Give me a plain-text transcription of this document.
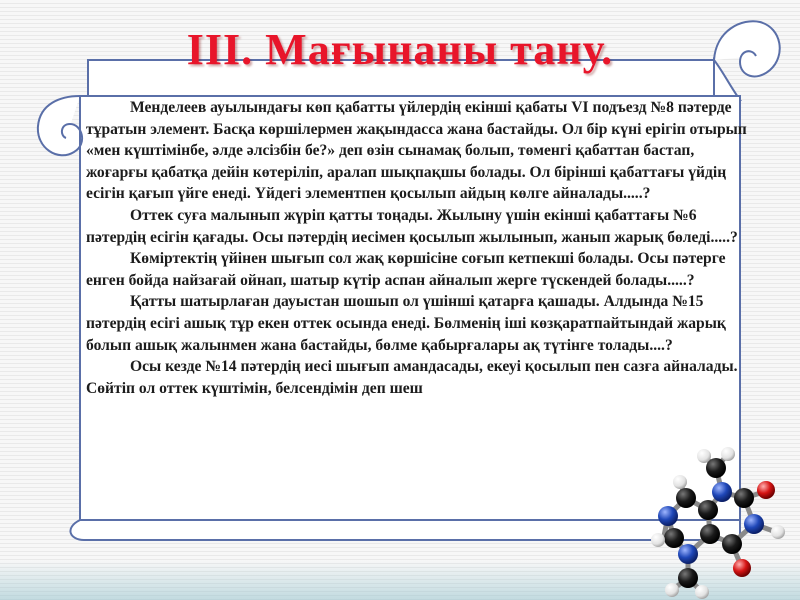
III. Мағынаны тану.

Менделеев ауылындағы көп қабатты үйлердің екінші қабаты VI подъезд №8 пәтерде тұратын элемент. Басқа көршілермен жақындасса жана бастайды. Ол бір күні ерігіп отырып «мен күштімінбе, әлде әлсізбін бе?» деп өзін сынамақ болып, төменгі қабаттан бастап, жоғарғы қабатқа дейін көтеріліп, аралап шықпақшы болады. Ол бірінші қабаттағы үйдің есігін қағып үйге енеді. Үйдегі элементпен қосылып айдың көлге айналады.....?

Оттек суға малынып жүріп қатты тоңады. Жылыну үшін екінші қабаттағы №6 пәтердің есігін қағады. Осы пәтердің иесімен қосылып жылынып, жанып жарық бөледі.....?

Көміртектің үйінен шығып сол жақ көршісіне соғып кетпекші болады. Осы пәтерге енген бойда найзағай ойнап, шатыр күтір аспан айналып жерге түскендей болады.....?

Қатты шатырлаған дауыстан шошып ол үшінші қатарға қашады. Алдында №15 пәтердің есігі ашық тұр екен оттек осында енеді. Бөлменің іші көзқаратпайтындай жарық болып ашық жалынмен жана бастайды, бөлме қабырғалары ақ түтінге толады....?

Осы кезде №14 пәтердің иесі шығып амандасады, екеуі қосылып пен сазға айналады. Сөйтіп ол оттек күштімін, белсендімін деп шеш
